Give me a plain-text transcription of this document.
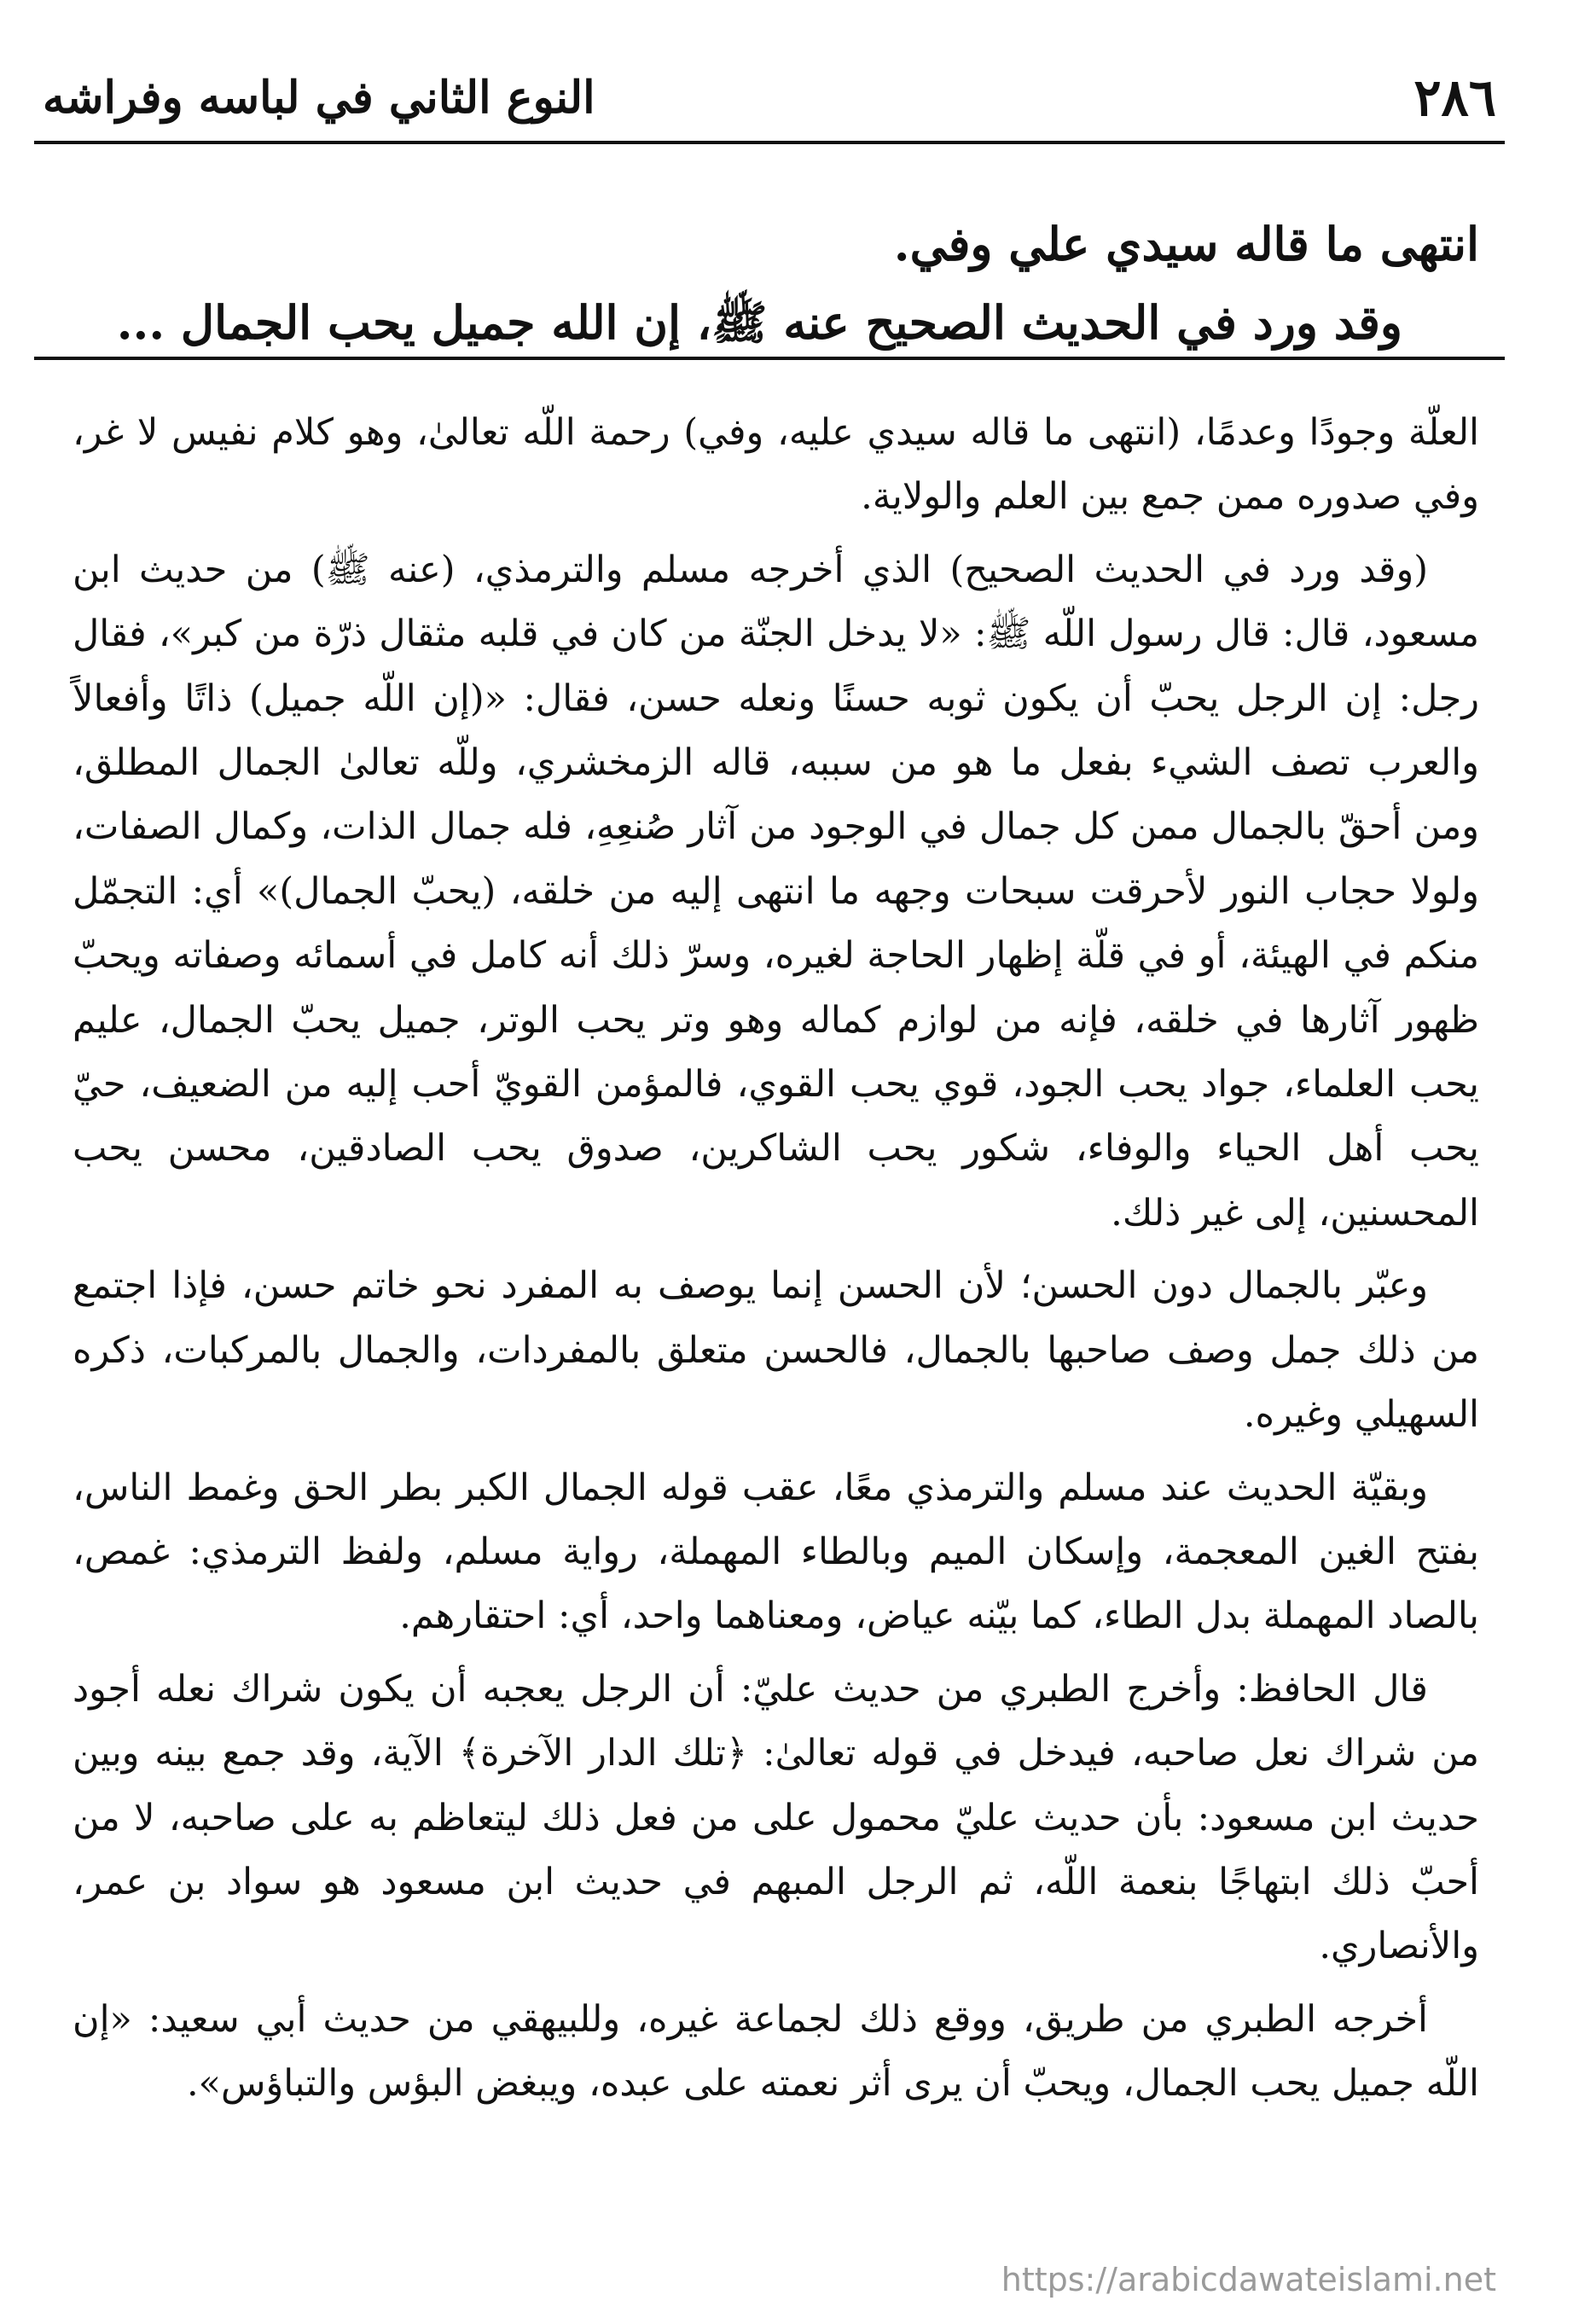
٢٨٦
النوع الثاني في لباسه وفراشه

انتهى ما قاله سيدي علي وفي.

وقد ورد في الحديث الصحيح عنه ﷺ، إن الله جميل يحب الجمال ...

العلّة وجودًا وعدمًا، (انتهى ما قاله سيدي عليه، وفي) رحمة اللّه تعالىٰ، وهو كلام نفيس لا غر، وفي صدوره ممن جمع بين العلم والولاية.

(وقد ورد في الحديث الصحيح) الذي أخرجه مسلم والترمذي، (عنه ﷺ) من حديث ابن مسعود، قال: قال رسول اللّه ﷺ: «لا يدخل الجنّة من كان في قلبه مثقال ذرّة من كبر»، فقال رجل: إن الرجل يحبّ أن يكون ثوبه حسنًا ونعله حسن، فقال: «(إن اللّه جميل) ذاتًا وأفعالاً والعرب تصف الشيء بفعل ما هو من سببه، قاله الزمخشري، وللّه تعالىٰ الجمال المطلق، ومن أحقّ بالجمال ممن كل جمال في الوجود من آثار صُنعِهِ، فله جمال الذات، وكمال الصفات، ولولا حجاب النور لأحرقت سبحات وجهه ما انتهى إليه من خلقه، (يحبّ الجمال)» أي: التجمّل منكم في الهيئة، أو في قلّة إظهار الحاجة لغيره، وسرّ ذلك أنه كامل في أسمائه وصفاته ويحبّ ظهور آثارها في خلقه، فإنه من لوازم كماله وهو وتر يحب الوتر، جميل يحبّ الجمال، عليم يحب العلماء، جواد يحب الجود، قوي يحب القوي، فالمؤمن القويّ أحب إليه من الضعيف، حيّ يحب أهل الحياء والوفاء، شكور يحب الشاكرين، صدوق يحب الصادقين، محسن يحب المحسنين، إلى غير ذلك.

وعبّر بالجمال دون الحسن؛ لأن الحسن إنما يوصف به المفرد نحو خاتم حسن، فإذا اجتمع من ذلك جمل وصف صاحبها بالجمال، فالحسن متعلق بالمفردات، والجمال بالمركبات، ذكره السهيلي وغيره.

وبقيّة الحديث عند مسلم والترمذي معًا، عقب قوله الجمال الكبر بطر الحق وغمط الناس، بفتح الغين المعجمة، وإسكان الميم وبالطاء المهملة، رواية مسلم، ولفظ الترمذي: غمص، بالصاد المهملة بدل الطاء، كما بيّنه عياض، ومعناهما واحد، أي: احتقارهم.

قال الحافظ: وأخرج الطبري من حديث عليّ: أن الرجل يعجبه أن يكون شراك نعله أجود من شراك نعل صاحبه، فيدخل في قوله تعالىٰ: ﴿تلك الدار الآخرة﴾ الآية، وقد جمع بينه وبين حديث ابن مسعود: بأن حديث عليّ محمول على من فعل ذلك ليتعاظم به على صاحبه، لا من أحبّ ذلك ابتهاجًا بنعمة اللّه، ثم الرجل المبهم في حديث ابن مسعود هو سواد بن عمر، والأنصاري.

أخرجه الطبري من طريق، ووقع ذلك لجماعة غيره، وللبيهقي من حديث أبي سعيد: «إن اللّه جميل يحب الجمال، ويحبّ أن يرى أثر نعمته على عبده، ويبغض البؤس والتباؤس».

https://arabicdawateislami.net
